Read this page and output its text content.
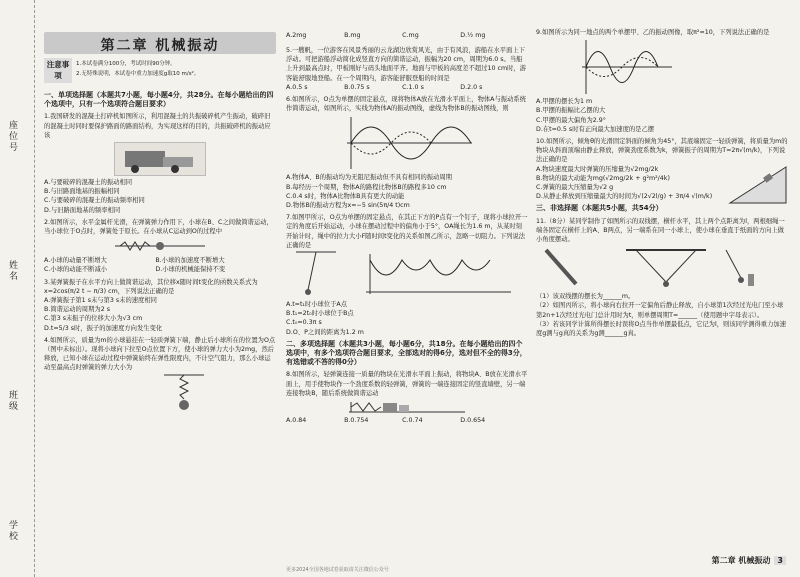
座位号
姓名
班级
学校
第二章 机械振动
注意事项
1.本试卷满分100分，考试时间90分钟。
2.无特殊说明，本试卷中重力加速度g取10 m/s²。
一、单项选择题（本题共7小题，每小题4分，共28分。在每小题给出的四个选项中，只有一个选项符合题目要求）
1.我国研发的混凝土打碎机如图所示，利用混凝土的共振破碎机产生振动，破碎旧的混凝土时同时要保护路面的路面结构，为实现这样的目的，共振破碎机的振动应该
A.与要破碎的混凝土的振动相同
B.与旧路面地基的振幅相同
C.与要破碎的混凝土的振动频率相同
D.与旧路面地基的频率相同
2.如图所示，水平金属杆光滑，在弹簧弹力作用下，小球在B、C之间做简谐运动，当小球位于O点时，弹簧处于原长。在小球从C运动到O的过程中
A.小球的动量不断增大	B.小球的加速度不断增大 C.小球的动能不断减小	D.小球的机械能保持不变
3.某弹簧振子在水平方向上做简谐运动，其位移x随时间t变化的函数关系式为x=2cos(π/2 t − π/3) cm，下列说法正确的是
A.弹簧振子第1 s末与第3 s末的速度相同
B.简谐运动的周期为2 s
C.第3 s末振子的位移大小为√3 cm
D.t=5/3 s时，振子的加速度方向发生变化
4.如图所示，质量为m的小球悬挂在一轻质弹簧下端，静止后小球所在的位置为O点（图中未标出）。现将小球向下拉至O点位置下方，使小球的弹力大小为2mg，然后释放，已知小球在运动过程中弹簧始终在弹性限度内，不计空气阻力，那么小球运动至最高点时弹簧的弹力大小为
A.2mg	B.mg	C.mg	D.½ mg
5.一艘帆，一位游客在风景秀丽的云龙湖边欣赏风光，由于有风浪，游船在水平面上下浮动。可把游船浮动简化成竖直方向的简谐运动，振幅为20 cm，周期为6.0 s。当船上升到最高点时，甲板刚好与码头地面平齐。地面与甲板的高度差不超过10 cm时，游客能舒服地登船。在一个周期内，游客能舒服登船的时间是
A.0.5 s	B.0.75 s	C.1.0 s	D.2.0 s
6.如图所示，O点为单摆的固定悬点，现将物体A放在光滑水平面上，物体A与振动系统作简谐运动，如图所示，实线为物体A的振动图线，虚线为物体B的振动图线，则
A.物体A、B的振动均为无阻尼振动但不具有相同的振动周期
B.每经历一个周期，物体A的路程比物体B的路程多10 cm
C.0.4 s时，物体A比物体B具有更大的动能
D.物体B的振动方程为x=−5 sin(5π/4 t)cm
7.如图甲所示，O点为单摆的固定悬点，在其正下方的P点有一个钉子，现将小球拉开一定的角度后开始运动，小球在摆动过程中的偏角小于5°，OA绳长为1.6 m，从某时刻开始计时，绳中的拉力大小F随时间t变化的关系如图乙所示，忽略一切阻力。下列说法正确的是
A.t=t₁时小球位于A点
B.t₁=2t₀时小球位于B点
C.t₀=0.3π s
D.O、P之间的距离为1.2 m
二、多项选择题（本题共3小题，每小题6分，共18分。在每小题给出的四个选项中，有多个选项符合题目要求，全部选对的得6分，选对但不全的得3分，有选错或不答的得0分）
8.如图所示，轻弹簧连接一质量的物块在光滑水平面上振动，将物块A、B放在光滑水平面上，用手使物块作一个劲度系数的轻弹簧，弹簧的一端连接固定的竖直墙壁，另一端连接物块B，随后系统做简谐运动
A.0.84	B.0.754	C.0.74	D.0.654
9.如图所示为同一地点的两个单摆甲、乙的振动图像，取π²≈10，下列说法正确的是
A.甲摆的摆长为1 m
B.甲摆的振幅比乙摆的大
C.甲摆的最大偏角为2.9°
D.在t=0.5 s时有正向最大加速度的是乙摆
10.如图所示，倾角θ的光滑固定斜面的倾角为45°，其底端固定一轻质弹簧，将质量为m的物块从斜面顶端由静止释放，弹簧劲度系数为k，弹簧振子的周期为T=2π√(m/k)，下列说法正确的是
A.物块速度最大时弹簧的压缩量为√2mg/2k
B.物块的最大动能为mg(√2mg/2k + g²m²/4k)
C.弹簧的最大压缩量为√2 g
D.从静止释放到压缩量最大的时间为√(2√2l/g) + 3π/4 √(m/k)
三、非选择题（本题共5小题，共54分）
11.（8分）某同学制作了如图所示的双线摆，横杆水平，其上两个点距离为l，两根细绳一端各固定在横杆上的A、B两点，另一端系在同一小球上，使小球在垂直于纸面的方向上做小角度摆动。
（1）该双线摆的摆长为______m。
（2）如图丙所示，将小球向右拉开一定偏角后静止释放，自小球第1次经过光电门至小球第2n+1次经过光电门总计用时为t，则单摆周期T=______（使用题中字母表示）。
（3）若该同学计算所得摆长时误将O点当作单摆最低点，它记为l，则该同学测得重力加速度g测与g真的关系为g测______g真。
更多2024全国各地试卷获取请关注微信公众号
第二章 机械振动 3
